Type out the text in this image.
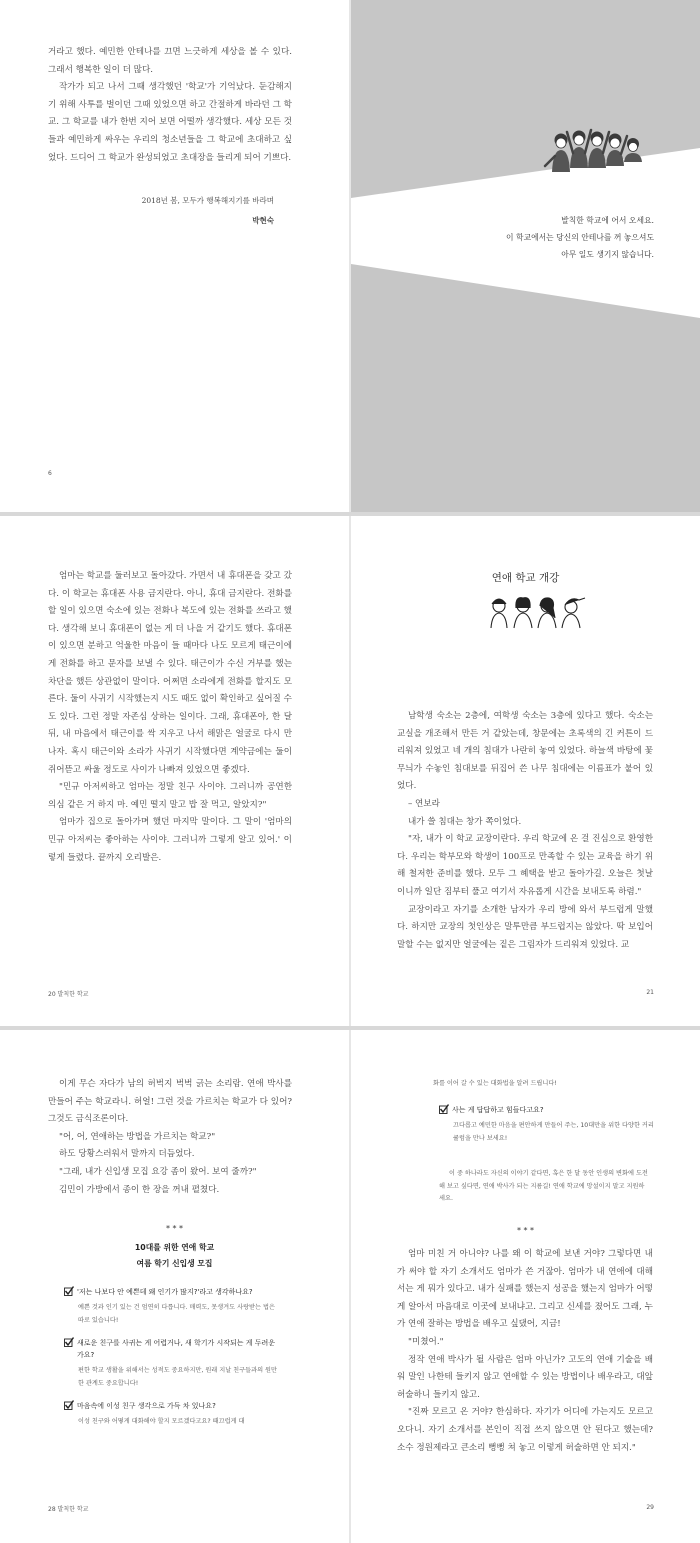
거라고 했다. 예민한 안테나를 끄면 느긋하게 세상을 볼 수 있다. 그래서 행복한 일이 더 많다.

작가가 되고 나서 그때 생각했던 '학교'가 기억났다. 둔감해지기 위해 사투를 벌이던 그때 있었으면 하고 간절하게 바라던 그 학교. 그 학교를 내가 한번 지어 보면 어떨까 생각했다. 세상 모든 것들과 예민하게 싸우는 우리의 청소년들을 그 학교에 초대하고 싶었다. 드디어 그 학교가 완성되었고 초대장을 들리게 되어 기쁘다.

2018년 봄, 모두가 행복해지기를 바라며
박현숙
6
발칙한 학교에 어서 오세요.
이 학교에서는 당신의 안테나를 꺼 놓으셔도
아무 일도 생기지 않습니다.

엄마는 학교를 둘러보고 돌아갔다. 가면서 내 휴대폰을 갖고 갔다. 이 학교는 휴대폰 사용 금지란다. 아니, 휴대 금지란다. 전화를 할 일이 있으면 숙소에 있는 전화나 복도에 있는 전화를 쓰라고 했다. 생각해 보니 휴대폰이 없는 게 더 나을 거 같기도 했다. 휴대폰이 있으면 분하고 억울한 마음이 들 때마다 나도 모르게 태근이에게 전화를 하고 문자를 보낼 수 있다. 태근이가 수신 거부를 했는 차단을 했든 상관없이 말이다. 어쩌면 소라에게 전화를 할지도 모른다. 둘이 사귀기 시작했는지 시도 때도 없이 확인하고 싶어질 수도 있다. 그런 정말 자존심 상하는 일이다. 그래, 휴대폰아, 한 달 뒤, 내 마음에서 태근이를 싹 지우고 나서 해맑은 얼굴로 다시 만나자. 혹시 태근이와 소라가 사귀기 시작했다면 계약금에는 둘이 쥐어뜯고 싸울 정도로 사이가 나빠져 있었으면 좋겠다.

"민규 아저씨하고 엄마는 정말 친구 사이야. 그러니까 공연한 의심 같은 거 하지 마. 예민 떨지 말고 밥 잘 먹고, 알았지?"

엄마가 집으로 돌아가며 했던 마지막 말이다. 그 말이 '엄마의 민규 아저씨는 좋아하는 사이야. 그러니까 그렇게 알고 있어.' 이렇게 들렸다. 끝까지 오리발은.

20 발칙한 학교
연애 학교 개강

남학생 숙소는 2층에, 여학생 숙소는 3층에 있다고 했다. 숙소는 교실을 개조해서 만든 거 같았는데, 창문에는 초록색의 긴 커튼이 드리워져 있었고 네 개의 침대가 나란히 놓여 있었다. 하늘색 바탕에 꽃무늬가 수놓인 침대보를 뒤집어 쓴 나무 침대에는 이름표가 붙어 있었다.

– 연보라

내가 쓸 침대는 창가 쪽이었다.

"자, 내가 이 학교 교장이란다. 우리 학교에 온 걸 진심으로 환영한다. 우리는 학부모와 학생이 100프로 만족할 수 있는 교육을 하기 위해 철저한 준비를 했다. 모두 그 혜택을 받고 돌아가길. 오늘은 첫날이니까 일단 짐부터 풀고 여기서 자유롭게 시간을 보내도록 하렴."

교장이라고 자기를 소개한 남자가 우리 방에 와서 부드럽게 말했다. 하지만 교장의 첫인상은 말투만큼 부드럽지는 않았다. 딱 보입어 말할 수는 없지만 얼굴에는 짙은 그림자가 드리워져 있었다. 교

21

이게 무슨 자다가 남의 허벅지 벅벅 긁는 소리람. 연애 박사를 만들어 주는 학교라니. 허얼! 그런 것을 가르치는 학교가 다 있어? 그것도 금식조론이다.

"어, 어, 연애하는 방법을 가르치는 학교?"

하도 당황스러워서 말까지 더듬었다.

"그래, 내가 신입생 모집 요강 좀이 왔어. 보여 줄까?"

김민이 가방에서 종이 한 장을 꺼내 펼쳤다.

* * *
10대를 위한 연애 학교
여름 학기 신입생 모집
'저는 나보다 안 예쁜데 왜 인기가 많지?'라고 생각하나요?
예쁜 것과 인기 있는 건 엄연히 다릅니다. 매력도, 못생겨도 사랑받는 법은 따로 있습니다!
새로운 친구를 사귀는 게 어렵거나, 새 학기가 시작되는 게 두려운가요?
편한 학교 생활을 위해서는 성적도 중요하지만, 원래 지날 친구들과의 원만한 관계도 중요합니다!
마음속에 이성 친구 생각으로 가득 차 있나요?
이성 친구와 어떻게 대화해야 할지 모르겠다고요? 때끄럽게 대
28 발칙한 학교
화를 이어 갈 수 있는 대화법을 알려 드립니다!
사는 게 답답하고 힘들다고요?
끄다롭고 예민한 마음을 편안하게 만들어 주는, 10대만을 위한 다양한 커리큘럼을 만나 보세요!
이 중 하나라도 자신의 이야기 같다면, 혹은 한 달 동안 인생의 변화에 도전해 보고 싶다면, 연애 박사가 되는 지름길! 연애 학교에 망설이지 말고 지원하세요.
* * *

엄마 미친 거 아니야? 나를 왜 이 학교에 보낸 거야? 그렇다면 내가 써야 할 자기 소개서도 엄마가 쓴 거잖아. 엄마가 내 연애에 대해서는 게 뭐가 있다고. 내가 실패를 했는지 성공을 했는지 엄마가 어떻게 알아서 마음대로 이곳에 보내냐고. 그리고 신세를 졌어도 그래, 누가 연애 잘하는 방법을 배우고 싶댔어, 지금!

"미쳤어."

정작 연애 박사가 될 사람은 엄마 아닌가? 고도의 연애 기술을 배워 말인 나한테 들키지 않고 연애할 수 있는 방법이나 배우라고, 대앞 허술하니 들키지 않고.

"진짜 모르고 온 거야? 한심하다. 자기가 어디에 가는지도 모르고 오다니. 자기 소개서를 본인이 직접 쓰지 않으면 안 된다고 했는데? 소수 정원제라고 큰소리 뻥뻥 쳐 놓고 이렇게 허술하면 안 되지."

29
